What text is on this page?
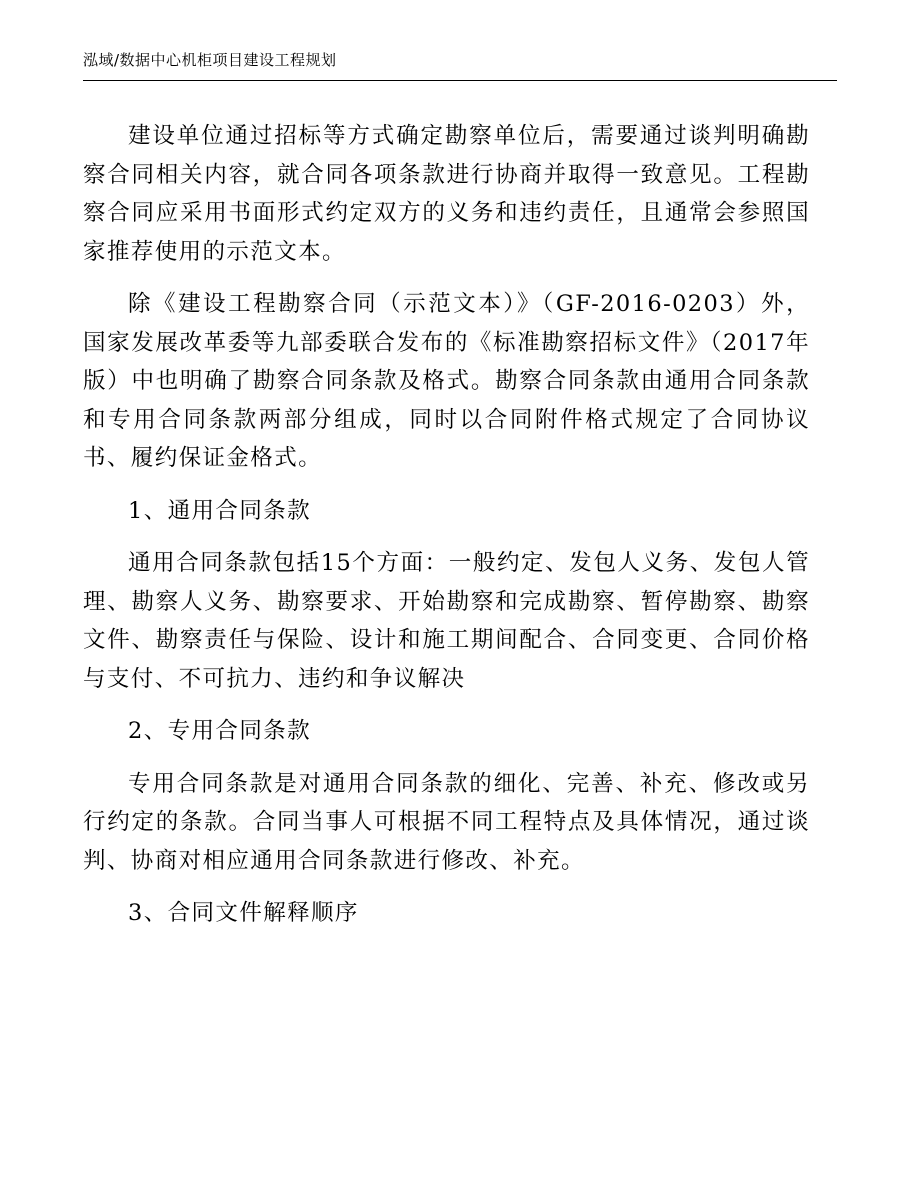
泓域/数据中心机柜项目建设工程规划

建设单位通过招标等方式确定勘察单位后，需要通过谈判明确勘察合同相关内容，就合同各项条款进行协商并取得一致意见。工程勘察合同应采用书面形式约定双方的义务和违约责任，且通常会参照国家推荐使用的示范文本。

除《建设工程勘察合同（示范文本）》（GF-2016-0203）外，国家发展改革委等九部委联合发布的《标准勘察招标文件》（2017年版）中也明确了勘察合同条款及格式。勘察合同条款由通用合同条款和专用合同条款两部分组成，同时以合同附件格式规定了合同协议书、履约保证金格式。

1、通用合同条款

通用合同条款包括15个方面：一般约定、发包人义务、发包人管理、勘察人义务、勘察要求、开始勘察和完成勘察、暂停勘察、勘察文件、勘察责任与保险、设计和施工期间配合、合同变更、合同价格与支付、不可抗力、违约和争议解决

2、专用合同条款

专用合同条款是对通用合同条款的细化、完善、补充、修改或另行约定的条款。合同当事人可根据不同工程特点及具体情况，通过谈判、协商对相应通用合同条款进行修改、补充。

3、合同文件解释顺序
